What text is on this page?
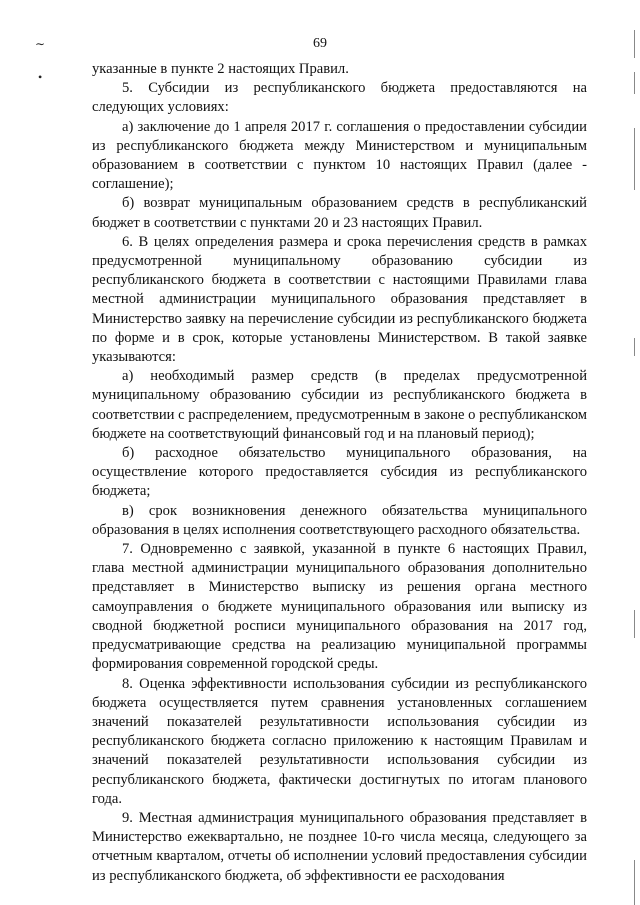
69
∼
•	указанные в пункте 2 настоящих Правил.

5. Субсидии из республиканского бюджета предоставляются на следующих условиях:

а) заключение до 1 апреля 2017 г. соглашения о предоставлении субсидии из республиканского бюджета между Министерством и муниципальным образованием в соответствии с пунктом 10 настоящих Правил (далее - соглашение);

б) возврат муниципальным образованием средств в республиканский бюджет в соответствии с пунктами 20 и 23 настоящих Правил.

6. В целях определения размера и срока перечисления средств в рамках предусмотренной муниципальному образованию субсидии из республиканского бюджета в соответствии с настоящими Правилами глава местной администрации муниципального образования представляет в Министерство заявку на перечисление субсидии из республиканского бюджета по форме и в срок, которые установлены Министерством. В такой заявке указываются:

а) необходимый размер средств (в пределах предусмотренной муниципальному образованию субсидии из республиканского бюджета в соответствии с распределением, предусмотренным в законе о республиканском бюджете на соответствующий финансовый год и на плановый период);

б) расходное обязательство муниципального образования, на осуществление которого предоставляется субсидия из республиканского бюджета;

в) срок возникновения денежного обязательства муниципального образования в целях исполнения соответствующего расходного обязательства.

7. Одновременно с заявкой, указанной в пункте 6 настоящих Правил, глава местной администрации муниципального образования дополнительно представляет в Министерство выписку из решения органа местного самоуправления о бюджете муниципального образования или выписку из сводной бюджетной росписи муниципального образования на 2017 год, предусматривающие средства на реализацию муниципальной программы формирования современной городской среды.

8. Оценка эффективности использования субсидии из республиканского бюджета осуществляется путем сравнения установленных соглашением значений показателей результативности использования субсидии из республиканского бюджета согласно приложению к настоящим Правилам и значений показателей результативности использования субсидии из республиканского бюджета, фактически достигнутых по итогам планового года.

9. Местная администрация муниципального образования представляет в Министерство ежеквартально, не позднее 10-го числа месяца, следующего за отчетным кварталом, отчеты об исполнении условий предоставления субсидии из республиканского бюджета, об эффективности ее расходования
